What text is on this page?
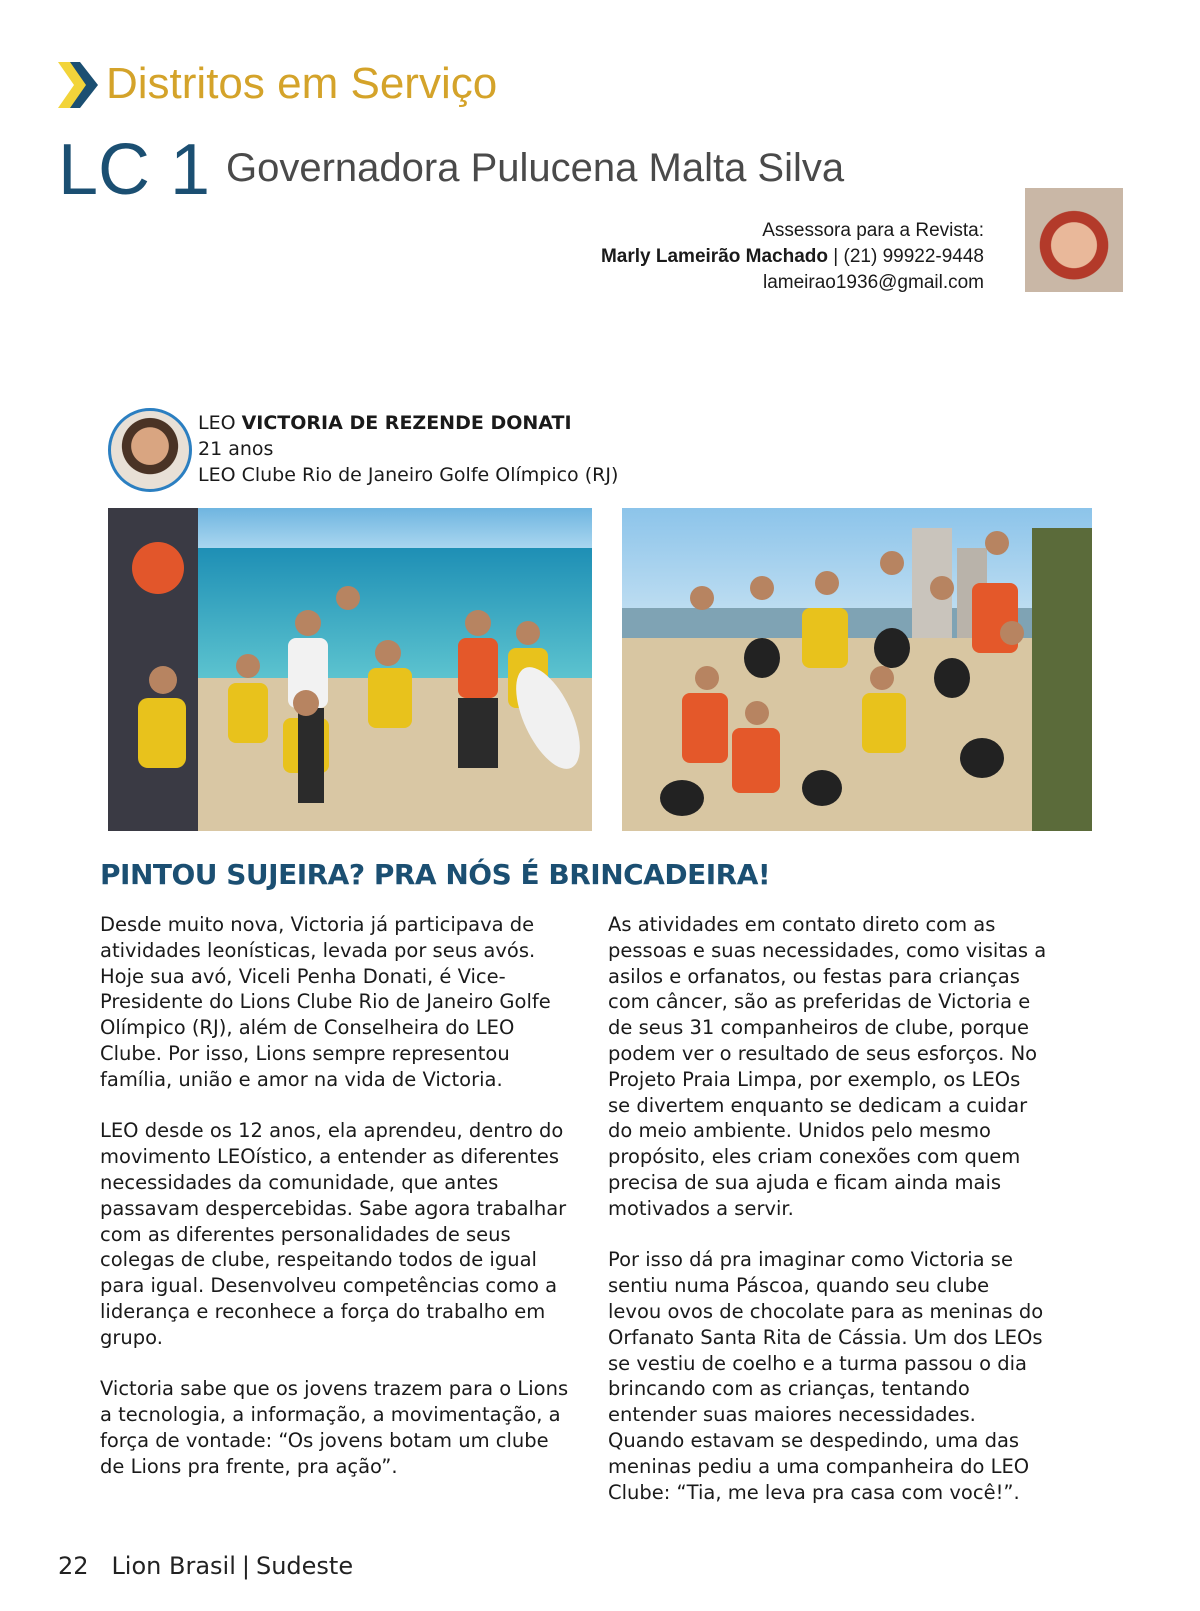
Distritos em Serviço
LC 1 Governadora Pulucena Malta Silva
Assessora para a Revista:
Marly Lameirão Machado | (21) 99922-9448
lameirao1936@gmail.com
LEO VICTORIA DE REZENDE DONATI
21 anos
LEO Clube Rio de Janeiro Golfe Olímpico (RJ)
PINTOU SUJEIRA? PRA NÓS É BRINCADEIRA!

Desde muito nova, Victoria já participava de atividades leonísticas, levada por seus avós. Hoje sua avó, Viceli Penha Donati, é Vice-Presidente do Lions Clube Rio de Janeiro Golfe Olímpico (RJ), além de Conselheira do LEO Clube. Por isso, Lions sempre representou família, união e amor na vida de Victoria.

LEO desde os 12 anos, ela aprendeu, dentro do movimento LEOístico, a entender as diferentes necessidades da comunidade, que antes passavam despercebidas. Sabe agora trabalhar com as diferentes personalidades de seus colegas de clube, respeitando todos de igual para igual. Desenvolveu competências como a liderança e reconhece a força do trabalho em grupo.

Victoria sabe que os jovens trazem para o Lions a tecnologia, a informação, a movimentação, a força de vontade: “Os jovens botam um clube de Lions pra frente, pra ação”.

As atividades em contato direto com as pessoas e suas necessidades, como visitas a asilos e orfanatos, ou festas para crianças com câncer, são as preferidas de Victoria e de seus 31 companheiros de clube, porque podem ver o resultado de seus esforços. No Projeto Praia Limpa, por exemplo, os LEOs se divertem enquanto se dedicam a cuidar do meio ambiente. Unidos pelo mesmo propósito, eles criam conexões com quem precisa de sua ajuda e ficam ainda mais motivados a servir.

Por isso dá pra imaginar como Victoria se sentiu numa Páscoa, quando seu clube levou ovos de chocolate para as meninas do Orfanato Santa Rita de Cássia. Um dos LEOs se vestiu de coelho e a turma passou o dia brincando com as crianças, tentando entender suas maiores necessidades. Quando estavam se despedindo, uma das meninas pediu a uma companheira do LEO Clube: “Tia, me leva pra casa com você!”.

22 Lion Brasil | Sudeste
